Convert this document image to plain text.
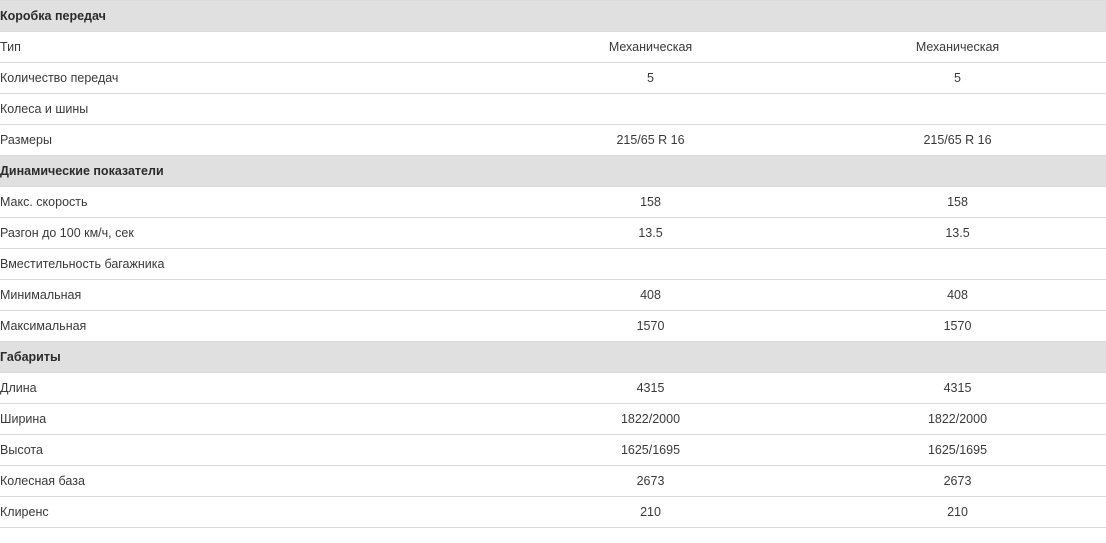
Коробка передач		
Тип	Механическая	Механическая
Количество передач	5	5
Колеса и шины		
Размеры	215/65 R 16	215/65 R 16
Динамические показатели		
Макс. скорость	158	158
Разгон до 100 км/ч, сек	13.5	13.5
Вместительность багажника		
Минимальная	408	408
Максимальная	1570	1570
Габариты		
Длина	4315	4315
Ширина	1822/2000	1822/2000
Высота	1625/1695	1625/1695
Колесная база	2673	2673
Клиренс	210	210
